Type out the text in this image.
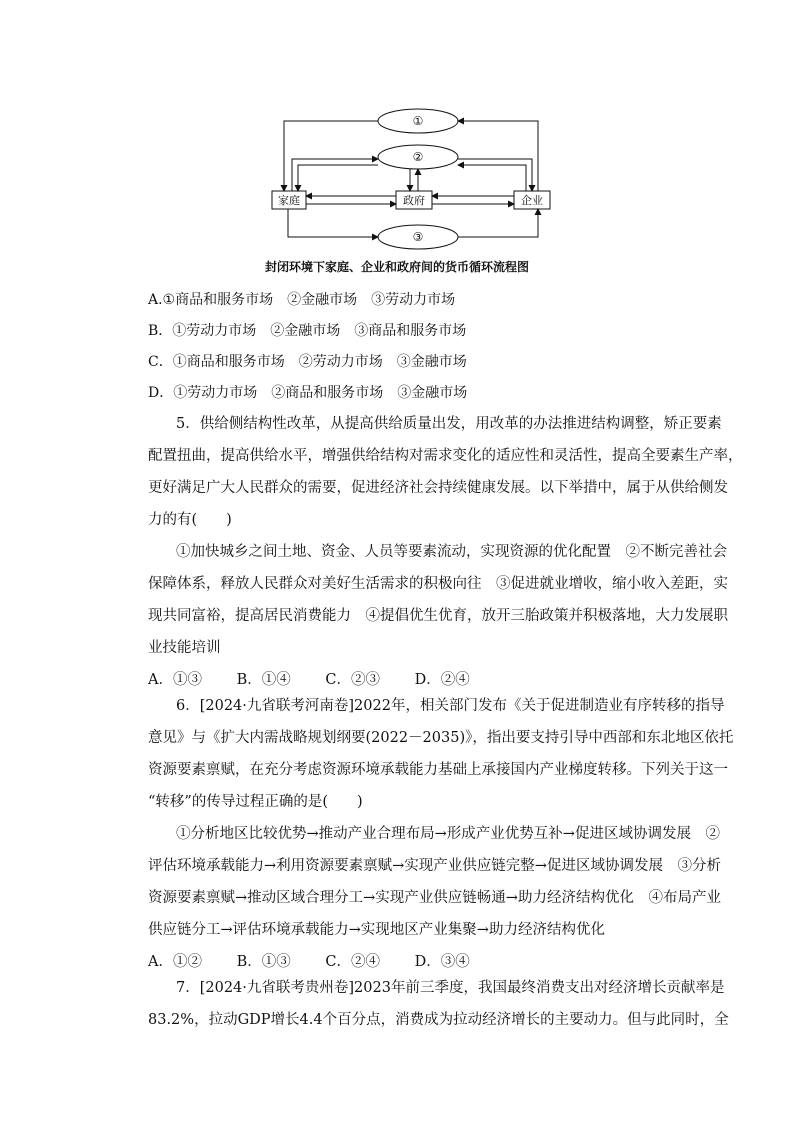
①
②
③
家庭	政府	企业
封闭环境下家庭、企业和政府间的货币循环流程图
A.①商品和服务市场　②金融市场　③劳动力市场
B．①劳动力市场　②金融市场　③商品和服务市场
C．①商品和服务市场　②劳动力市场　③金融市场
D．①劳动力市场　②商品和服务市场　③金融市场
5．供给侧结构性改革，从提高供给质量出发，用改革的办法推进结构调整，矫正要素
配置扭曲，提高供给水平，增强供给结构对需求变化的适应性和灵活性，提高全要素生产率，
更好满足广大人民群众的需要，促进经济社会持续健康发展。以下举措中，属于从供给侧发
力的有(　　)
①加快城乡之间土地、资金、人员等要素流动，实现资源的优化配置　②不断完善社会
保障体系，释放人民群众对美好生活需求的积极向往　③促进就业增收，缩小收入差距，实
现共同富裕，提高居民消费能力　④提倡优生优育，放开三胎政策并积极落地，大力发展职
业技能培训
A．①③ B．①④ C．②③ D．②④
6．[2024·九省联考河南卷]2022年，相关部门发布《关于促进制造业有序转移的指导
意见》与《扩大内需战略规划纲要(2022－2035)》，指出要支持引导中西部和东北地区依托
资源要素禀赋，在充分考虑资源环境承载能力基础上承接国内产业梯度转移。下列关于这一
“转移”的传导过程正确的是(　　)
①分析地区比较优势→推动产业合理布局→形成产业优势互补→促进区域协调发展　②
评估环境承载能力→利用资源要素禀赋→实现产业供应链完整→促进区域协调发展　③分析
资源要素禀赋→推动区域合理分工→实现产业供应链畅通→助力经济结构优化　④布局产业
供应链分工→评估环境承载能力→实现地区产业集聚→助力经济结构优化
A．①② B．①③ C．②④ D．③④
7．[2024·九省联考贵州卷]2023年前三季度，我国最终消费支出对经济增长贡献率是
83.2%，拉动GDP增长4.4个百分点，消费成为拉动经济增长的主要动力。但与此同时，全
